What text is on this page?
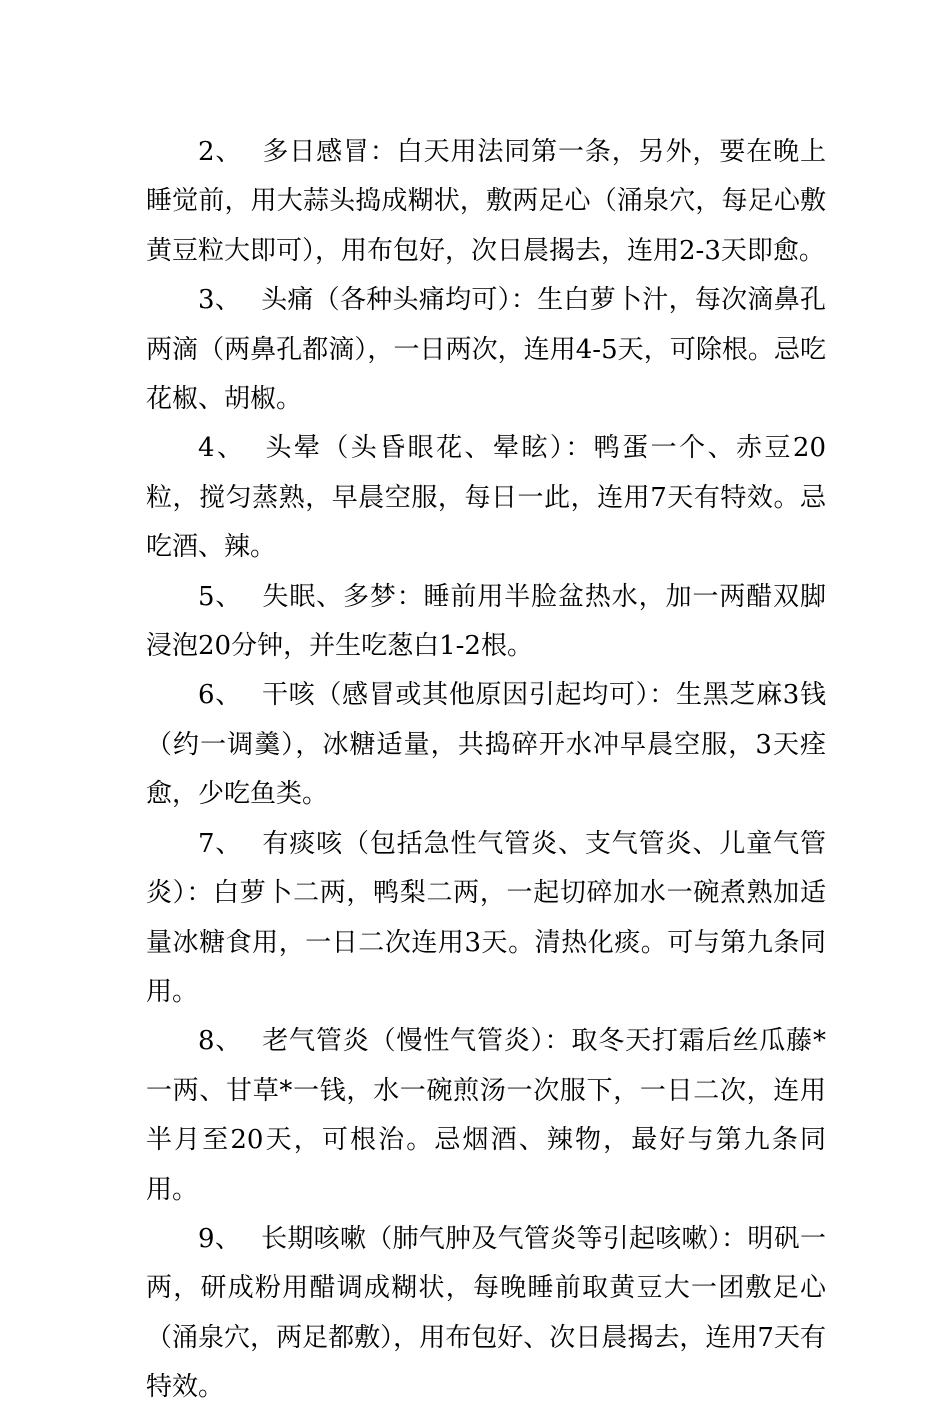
2、 多日感冒：白天用法同第一条，另外，要在晚上睡觉前，用大蒜头捣成糊状，敷两足心（涌泉穴，每足心敷黄豆粒大即可），用布包好，次日晨揭去，连用2-3天即愈。

3、 头痛（各种头痛均可）：生白萝卜汁，每次滴鼻孔两滴（两鼻孔都滴），一日两次，连用4-5天，可除根。忌吃花椒、胡椒。

4、 头晕（头昏眼花、晕眩）：鸭蛋一个、赤豆20粒，搅匀蒸熟，早晨空服，每日一此，连用7天有特效。忌吃酒、辣。

5、 失眠、多梦：睡前用半脸盆热水，加一两醋双脚浸泡20分钟，并生吃葱白1-2根。

6、 干咳（感冒或其他原因引起均可）：生黑芝麻3钱（约一调羹），冰糖适量，共捣碎开水冲早晨空服，3天痊愈，少吃鱼类。

7、 有痰咳（包括急性气管炎、支气管炎、儿童气管炎）：白萝卜二两，鸭梨二两，一起切碎加水一碗煮熟加适量冰糖食用，一日二次连用3天。清热化痰。可与第九条同用。

8、 老气管炎（慢性气管炎）：取冬天打霜后丝瓜藤*一两、甘草*一钱，水一碗煎汤一次服下，一日二次，连用半月至20天，可根治。忌烟酒、辣物，最好与第九条同用。

9、 长期咳嗽（肺气肿及气管炎等引起咳嗽）：明矾一两，研成粉用醋调成糊状，每晚睡前取黄豆大一团敷足心（涌泉穴，两足都敷），用布包好、次日晨揭去，连用7天有特效。
